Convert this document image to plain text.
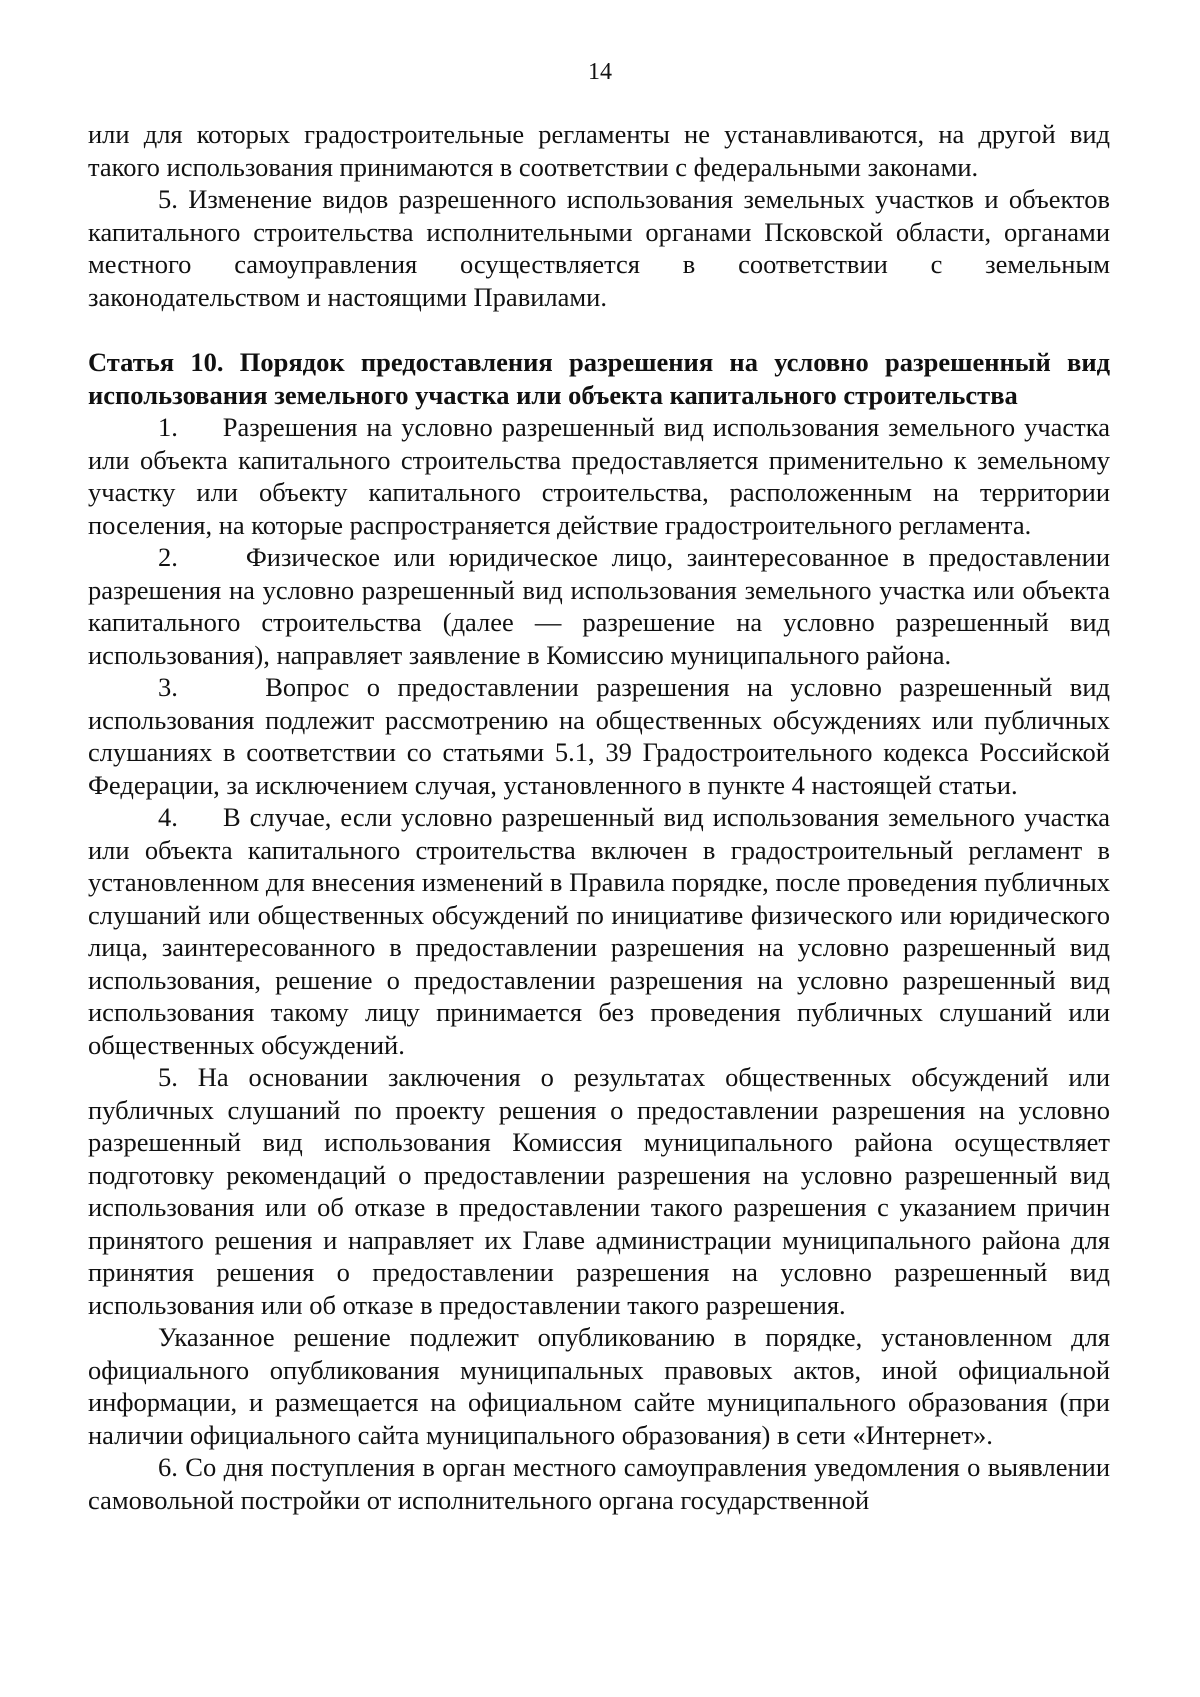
14

или для которых градостроительные регламенты не устанавливаются, на другой вид такого использования принимаются в соответствии с федеральными законами.

5. Изменение видов разрешенного использования земельных участков и объектов капитального строительства исполнительными органами Псковской области, органами местного самоуправления осуществляется в соответствии с земельным законодательством и настоящими Правилами.

Статья 10. Порядок предоставления разрешения на условно разрешенный вид использования земельного участка или объекта капитального строительства

1.     Разрешения на условно разрешенный вид использования земельного участка или объекта капитального строительства предоставляется применительно к земельному участку или объекту капитального строительства, расположенным на территории поселения, на которые распространяется действие градостроительного регламента.

2.     Физическое или юридическое лицо, заинтересованное в предоставлении разрешения на условно разрешенный вид использования земельного участка или объекта капитального строительства (далее — разрешение на условно разрешенный вид использования), направляет заявление в Комиссию муниципального района.

3.     Вопрос о предоставлении разрешения на условно разрешенный вид использования подлежит рассмотрению на общественных обсуждениях или публичных слушаниях в соответствии со статьями 5.1, 39 Градостроительного кодекса Российской Федерации, за исключением случая, установленного в пункте 4 настоящей статьи.

4.     В случае, если условно разрешенный вид использования земельного участка или объекта капитального строительства включен в градостроительный регламент в установленном для внесения изменений в Правила порядке, после проведения публичных слушаний или общественных обсуждений по инициативе физического или юридического лица, заинтересованного в предоставлении разрешения на условно разрешенный вид использования, решение о предоставлении разрешения на условно разрешенный вид использования такому лицу принимается без проведения публичных слушаний или общественных обсуждений.

5. На основании заключения о результатах общественных обсуждений или публичных слушаний по проекту решения о предоставлении разрешения на условно разрешенный вид использования Комиссия муниципального района осуществляет подготовку рекомендаций о предоставлении разрешения на условно разрешенный вид использования или об отказе в предоставлении такого разрешения с указанием причин принятого решения и направляет их Главе администрации муниципального района для принятия решения о предоставлении разрешения на условно разрешенный вид использования или об отказе в предоставлении такого разрешения.

Указанное решение подлежит опубликованию в порядке, установленном для официального опубликования муниципальных правовых актов, иной официальной информации, и размещается на официальном сайте муниципального образования (при наличии официального сайта муниципального образования) в сети «Интернет».

6. Со дня поступления в орган местного самоуправления уведомления о выявлении самовольной постройки от исполнительного органа государственной
